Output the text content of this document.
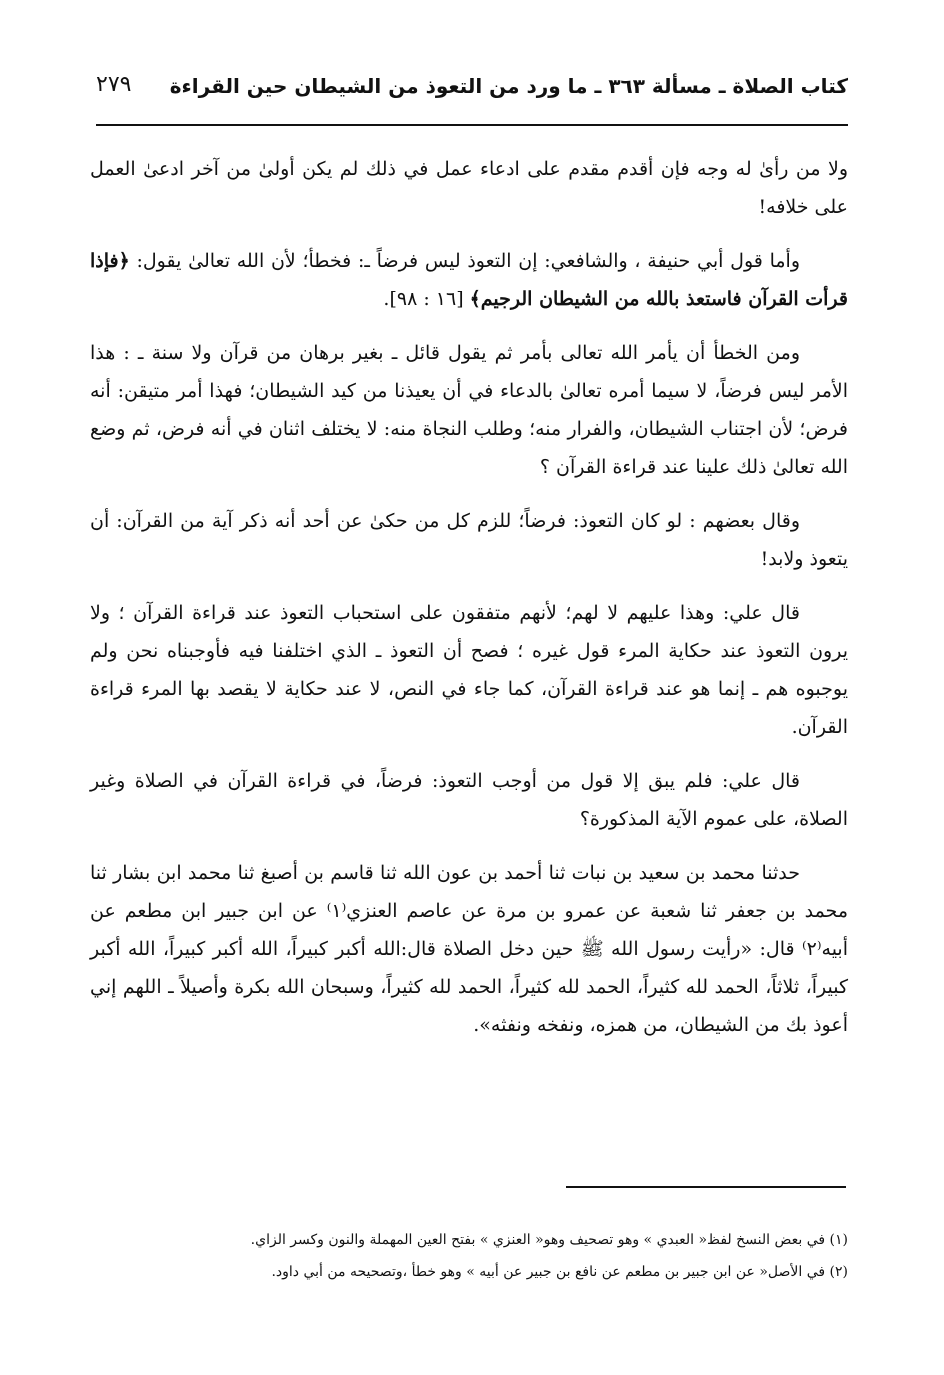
كتاب الصلاة ـ مسألة ٣٦٣ ـ ما ورد من التعوذ من الشيطان حين القراءة
٢٧٩

ولا من رأىٰ له وجه فإن أقدم مقدم على ادعاء عمل في ذلك لم يكن أولىٰ من آخر ادعىٰ العمل على خلافه!

وأما قول أبي حنيفة ، والشافعي: إن التعوذ ليس فرضاً ـ: فخطأ؛ لأن الله تعالىٰ يقول: ﴿فإذا قرأت القرآن فاستعذ بالله من الشيطان الرجيم﴾ [١٦ : ٩٨].

ومن الخطأ أن يأمر الله تعالى بأمر ثم يقول قائل ـ بغير برهان من قرآن ولا سنة ـ : هذا الأمر ليس فرضاً، لا سيما أمره تعالىٰ بالدعاء في أن يعيذنا من كيد الشيطان؛ فهذا أمر متيقن: أنه فرض؛ لأن اجتناب الشيطان، والفرار منه؛ وطلب النجاة منه: لا يختلف اثنان في أنه فرض، ثم وضع الله تعالىٰ ذلك علينا عند قراءة القرآن ؟

وقال بعضهم : لو كان التعوذ: فرضاً؛ للزم كل من حكىٰ عن أحد أنه ذكر آية من القرآن: أن يتعوذ ولابد!

قال علي: وهذا عليهم لا لهم؛ لأنهم متفقون على استحباب التعوذ عند قراءة القرآن ؛ ولا يرون التعوذ عند حكاية المرء قول غيره ؛ فصح أن التعوذ ـ الذي اختلفنا فيه فأوجبناه نحن ولم يوجبوه هم ـ إنما هو عند قراءة القرآن، كما جاء في النص، لا عند حكاية لا يقصد بها المرء قراءة القرآن.

قال علي: فلم يبق إلا قول من أوجب التعوذ: فرضاً، في قراءة القرآن في الصلاة وغير الصلاة، على عموم الآية المذكورة؟

حدثنا محمد بن سعيد بن نبات ثنا أحمد بن عون الله ثنا قاسم بن أصبغ ثنا محمد ابن بشار ثنا محمد بن جعفر ثنا شعبة عن عمرو بن مرة عن عاصم العنزي⁽١⁾ عن ابن جبير ابن مطعم عن أبيه⁽٢⁾ قال: «رأيت رسول الله ﷺ حين دخل الصلاة قال:الله أكبر كبيراً، الله أكبر كبيراً، الله أكبر كبيراً، ثلاثاً، الحمد لله كثيراً، الحمد لله كثيراً، الحمد لله كثيراً، وسبحان الله بكرة وأصيلاً ـ اللهم إني أعوذ بك من الشيطان، من همزه، ونفخه ونفثه».

(١) في بعض النسخ لفظ« العبدي » وهو تصحيف وهو« العنزي » بفتح العين المهملة والنون وكسر الزاي.
(٢) في الأصل« عن ابن جبير بن مطعم عن نافع بن جبير عن أبيه » وهو خطأ ،وتصحيحه من أبي داود.
